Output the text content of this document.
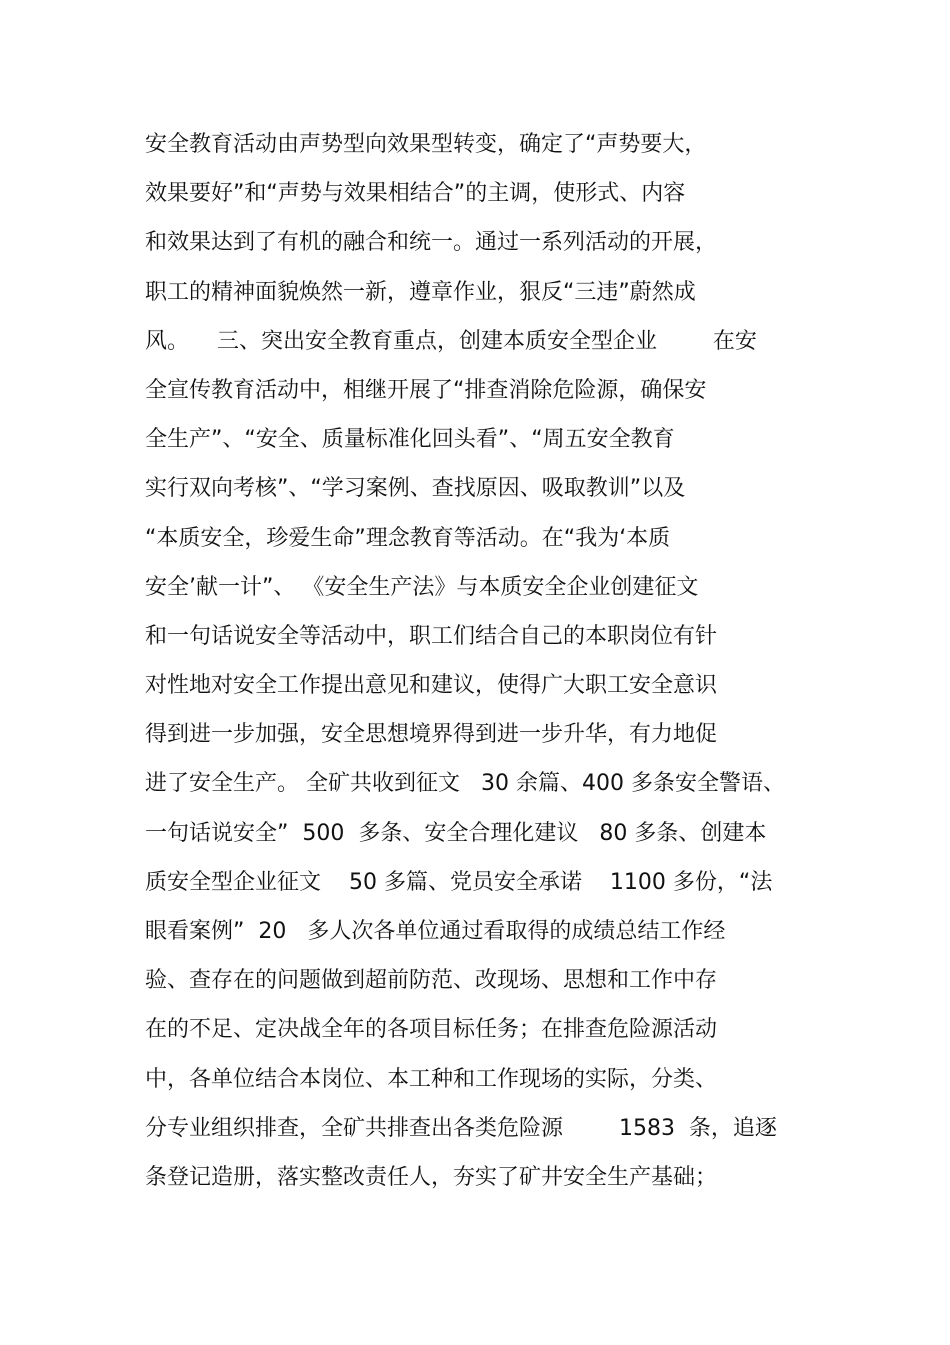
安全教育活动由声势型向效果型转变，确定了“声势要大，
效果要好”和“声势与效果相结合”的主调，使形式、内容
和效果达到了有机的融合和统一。通过一系列活动的开展，
职工的精神面貌焕然一新，遵章作业，狠反“三违”蔚然成
风。    三、突出安全教育重点，创建本质安全型企业        在安
全宣传教育活动中，相继开展了“排查消除危险源，确保安
全生产”、“安全、质量标准化回头看”、“周五安全教育
实行双向考核”、“学习案例、查找原因、吸取教训”以及
“本质安全，珍爱生命”理念教育等活动。在“我为‘本质
安全’献一计”、 《安全生产法》与本质安全企业创建征文
和一句话说安全等活动中，职工们结合自己的本职岗位有针
对性地对安全工作提出意见和建议，使得广大职工安全意识
得到进一步加强，安全思想境界得到进一步升华，有力地促
进了安全生产。 全矿共收到征文   30 余篇、400 多条安全警语、
一句话说安全”  500  多条、安全合理化建议   80 多条、创建本
质安全型企业征文    50 多篇、党员安全承诺    1100 多份，“法
眼看案例”  20   多人次各单位通过看取得的成绩总结工作经
验、查存在的问题做到超前防范、改现场、思想和工作中存
在的不足、定决战全年的各项目标任务；在排查危险源活动
中，各单位结合本岗位、本工种和工作现场的实际，分类、
分专业组织排查，全矿共排查出各类危险源        1583  条，追逐
条登记造册，落实整改责任人，夯实了矿井安全生产基础；
